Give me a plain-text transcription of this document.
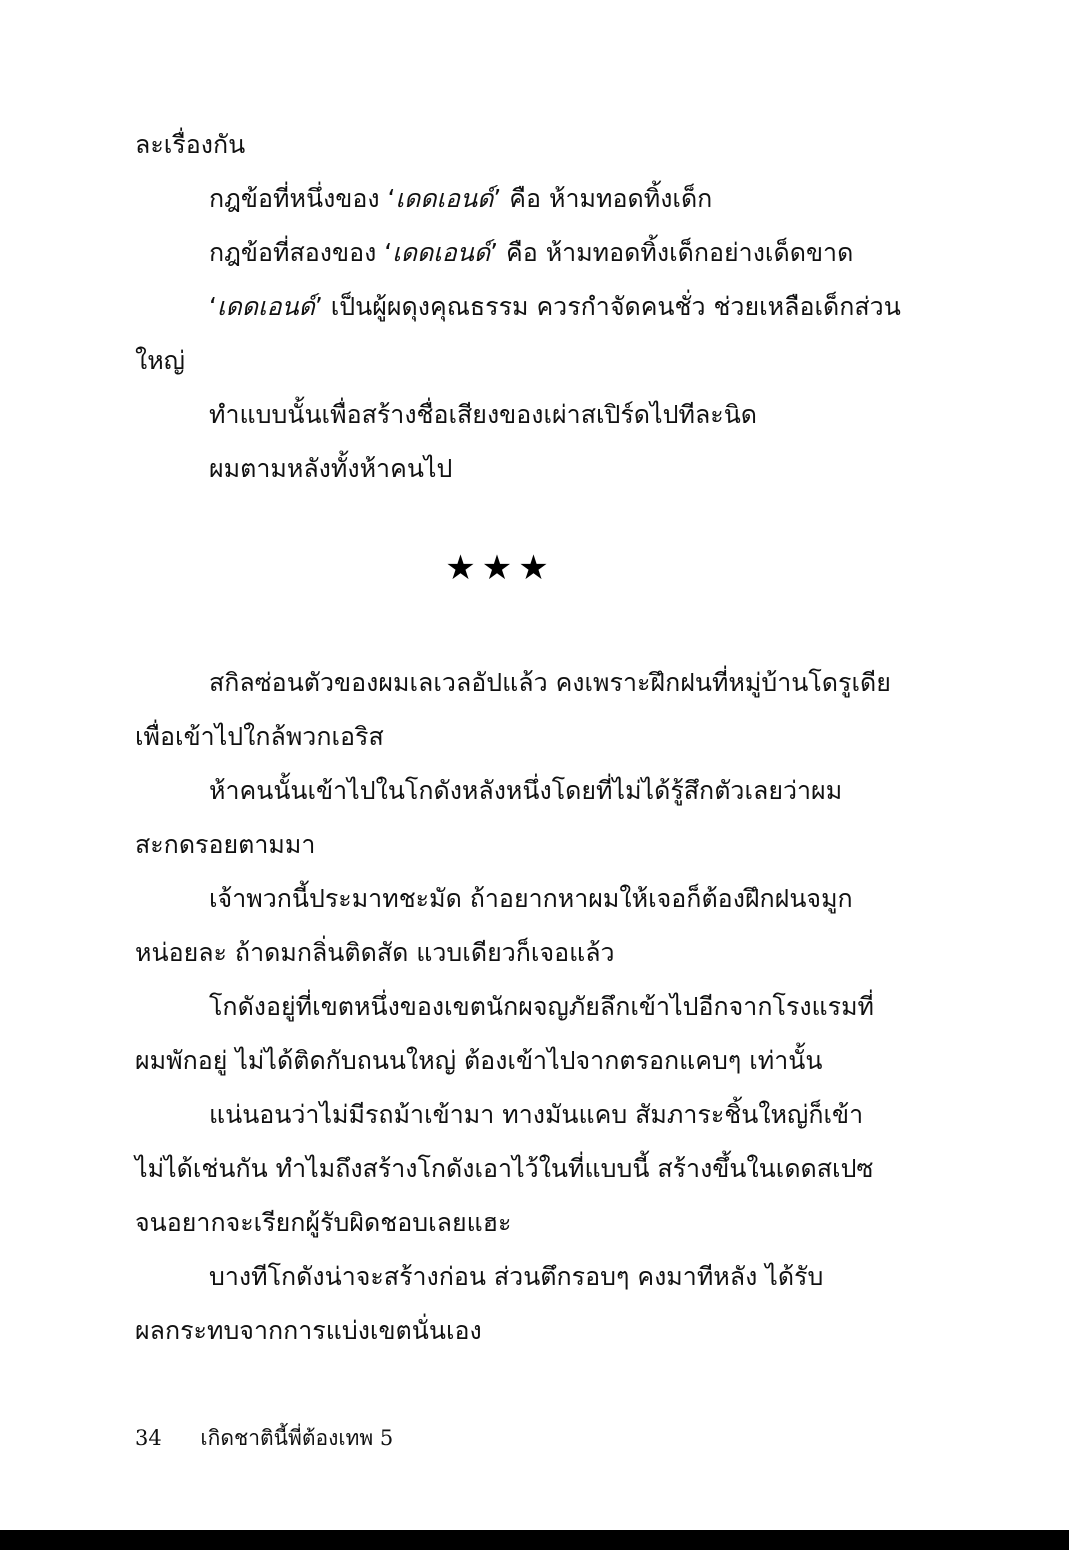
ละเรื่องกัน
กฎข้อที่หนึ่งของ ‘เดดเอนด์’ คือ ห้ามทอดทิ้งเด็ก
กฎข้อที่สองของ ‘เดดเอนด์’ คือ ห้ามทอดทิ้งเด็กอย่างเด็ดขาด
‘เดดเอนด์’ เป็นผู้ผดุงคุณธรรม ควรกำจัดคนชั่ว ช่วยเหลือเด็กส่วน
ใหญ่
ทำแบบนั้นเพื่อสร้างชื่อเสียงของเผ่าสเปิร์ดไปทีละนิด
ผมตามหลังทั้งห้าคนไป
★★★
สกิลซ่อนตัวของผมเลเวลอัปแล้ว คงเพราะฝึกฝนที่หมู่บ้านโดรูเดีย
เพื่อเข้าไปใกล้พวกเอริส
ห้าคนนั้นเข้าไปในโกดังหลังหนึ่งโดยที่ไม่ได้รู้สึกตัวเลยว่าผม
สะกดรอยตามมา
เจ้าพวกนี้ประมาทชะมัด ถ้าอยากหาผมให้เจอก็ต้องฝึกฝนจมูก
หน่อยละ ถ้าดมกลิ่นติดสัด แวบเดียวก็เจอแล้ว
โกดังอยู่ที่เขตหนึ่งของเขตนักผจญภัยลึกเข้าไปอีกจากโรงแรมที่
ผมพักอยู่ ไม่ได้ติดกับถนนใหญ่ ต้องเข้าไปจากตรอกแคบๆ เท่านั้น
แน่นอนว่าไม่มีรถม้าเข้ามา ทางมันแคบ สัมภาระชิ้นใหญ่ก็เข้า
ไม่ได้เช่นกัน ทำไมถึงสร้างโกดังเอาไว้ในที่แบบนี้ สร้างขึ้นในเดดสเปซ
จนอยากจะเรียกผู้รับผิดชอบเลยแฮะ
บางทีโกดังน่าจะสร้างก่อน ส่วนตึกรอบๆ คงมาทีหลัง ได้รับ
ผลกระทบจากการแบ่งเขตนั่นเอง
34 เกิดชาตินี้พี่ต้องเทพ 5
